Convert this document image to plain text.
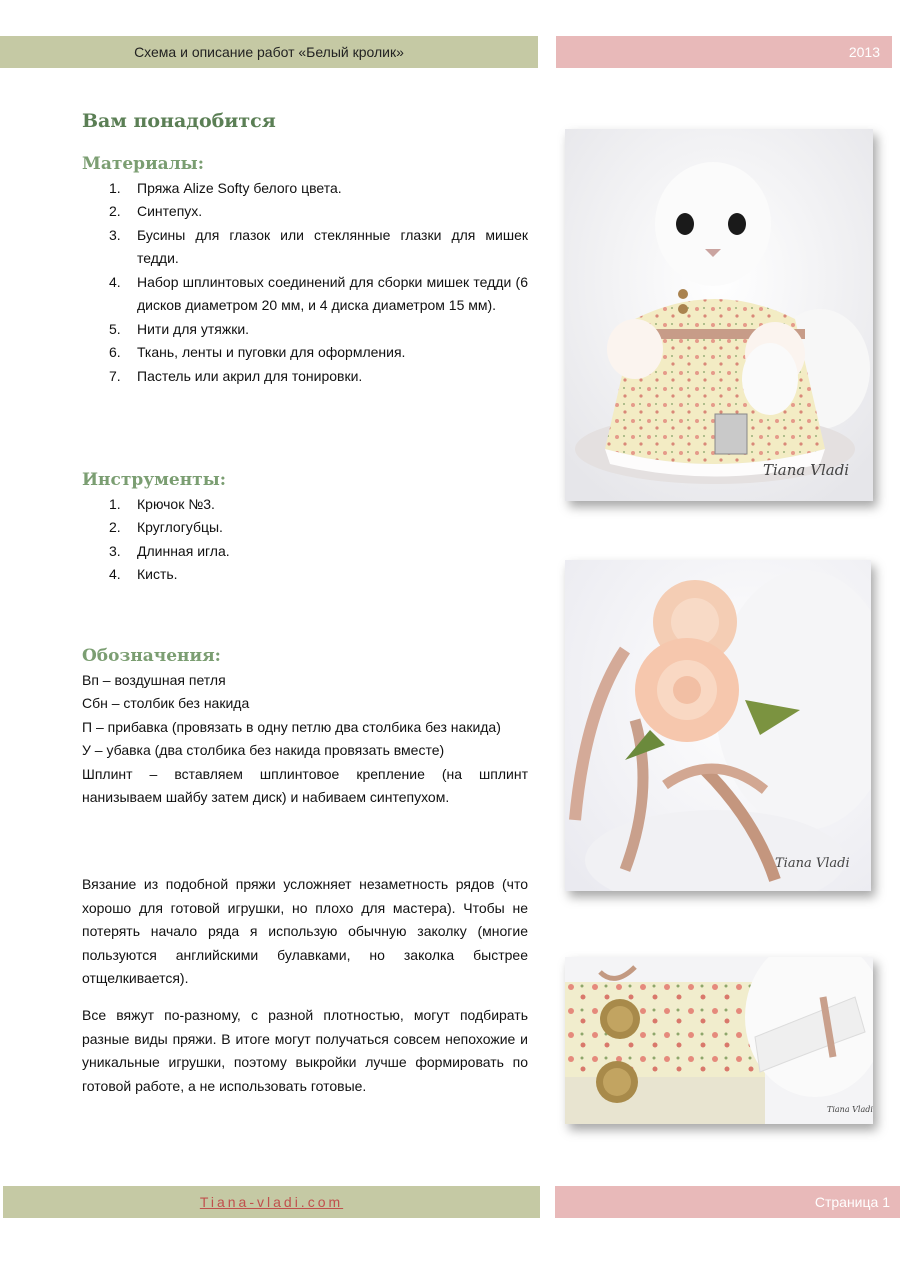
Схема и описание работ «Белый кролик»	2013
Вам понадобится
Материалы:
1. Пряжа Alize Softy белого цвета.
2. Синтепух.
3. Бусины для глазок или стеклянные глазки для мишек тедди.
4. Набор шплинтовых соединений для сборки мишек тедди (6 дисков диаметром 20 мм, и 4 диска диаметром 15 мм).
5. Нити для утяжки.
6. Ткань, ленты и пуговки для оформления.
7. Пастель или акрил для тонировки.
Инструменты:
1. Крючок №3.
2. Круглогубцы.
3. Длинная игла.
4. Кисть.
Обозначения:

Вп – воздушная петля

Сбн – столбик без накида

П – прибавка (провязать в одну петлю два столбика без накида)

У – убавка (два столбика без накида провязать вместе)

Шплинт – вставляем шплинтовое крепление (на шплинт нанизываем шайбу затем диск) и набиваем синтепухом.

Вязание из подобной пряжи усложняет незаметность рядов (что хорошо для готовой игрушки, но плохо для мастера). Чтобы не потерять начало ряда я использую обычную заколку (многие пользуются английскими булавками, но заколка быстрее отщелкивается).

Все вяжут по-разному, с разной плотностью, могут подбирать разные виды пряжи. В итоге могут получаться совсем непохожие и уникальные игрушки, поэтому выкройки лучше формировать по готовой работе, а не использовать готовые.

Tiana Vladi
Tiana Vladi
Tiana Vladi
Tiana-vladi.com	Страница 1
